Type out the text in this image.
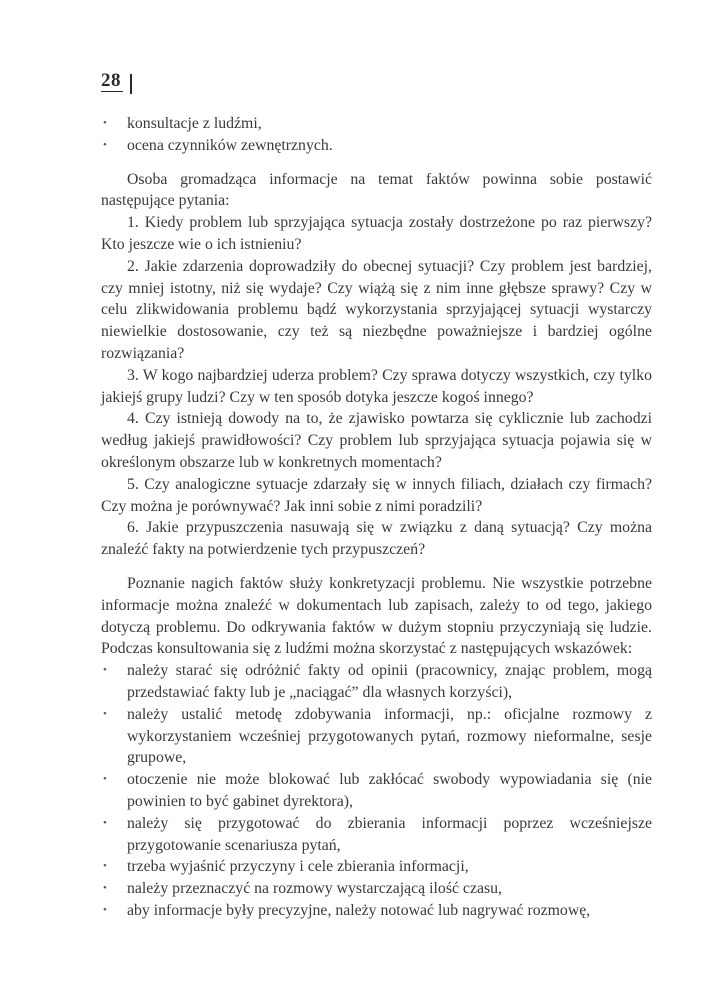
28
• konsultacje z ludźmi,
• ocena czynników zewnętrznych.

Osoba gromadząca informacje na temat faktów powinna sobie postawić następujące pytania:

1. Kiedy problem lub sprzyjająca sytuacja zostały dostrzeżone po raz pierwszy? Kto jeszcze wie o ich istnieniu?

2. Jakie zdarzenia doprowadziły do obecnej sytuacji? Czy problem jest bardziej, czy mniej istotny, niż się wydaje? Czy wiążą się z nim inne głębsze sprawy? Czy w celu zlikwidowania problemu bądź wykorzystania sprzyjającej sytuacji wystarczy niewielkie dostosowanie, czy też są niezbędne poważniejsze i bardziej ogólne rozwiązania?

3. W kogo najbardziej uderza problem? Czy sprawa dotyczy wszystkich, czy tylko jakiejś grupy ludzi? Czy w ten sposób dotyka jeszcze kogoś innego?

4. Czy istnieją dowody na to, że zjawisko powtarza się cyklicznie lub zachodzi według jakiejś prawidłowości? Czy problem lub sprzyjająca sytuacja pojawia się w określonym obszarze lub w konkretnych momentach?

5. Czy analogiczne sytuacje zdarzały się w innych filiach, działach czy firmach? Czy można je porównywać? Jak inni sobie z nimi poradzili?

6. Jakie przypuszczenia nasuwają się w związku z daną sytuacją? Czy można znaleźć fakty na potwierdzenie tych przypuszczeń?

Poznanie nagich faktów służy konkretyzacji problemu. Nie wszystkie potrzebne informacje można znaleźć w dokumentach lub zapisach, zależy to od tego, jakiego dotyczą problemu. Do odkrywania faktów w dużym stopniu przyczyniają się ludzie. Podczas konsultowania się z ludźmi można skorzystać z następujących wskazówek:

• należy starać się odróżnić fakty od opinii (pracownicy, znając problem, mogą przedstawiać fakty lub je „naciągać” dla własnych korzyści),
• należy ustalić metodę zdobywania informacji, np.: oficjalne rozmowy z wykorzystaniem wcześniej przygotowanych pytań, rozmowy nieformalne, sesje grupowe,
• otoczenie nie może blokować lub zakłócać swobody wypowiadania się (nie powinien to być gabinet dyrektora),
• należy się przygotować do zbierania informacji poprzez wcześniejsze przygotowanie scenariusza pytań,
• trzeba wyjaśnić przyczyny i cele zbierania informacji,
• należy przeznaczyć na rozmowy wystarczającą ilość czasu,
• aby informacje były precyzyjne, należy notować lub nagrywać rozmowę,
